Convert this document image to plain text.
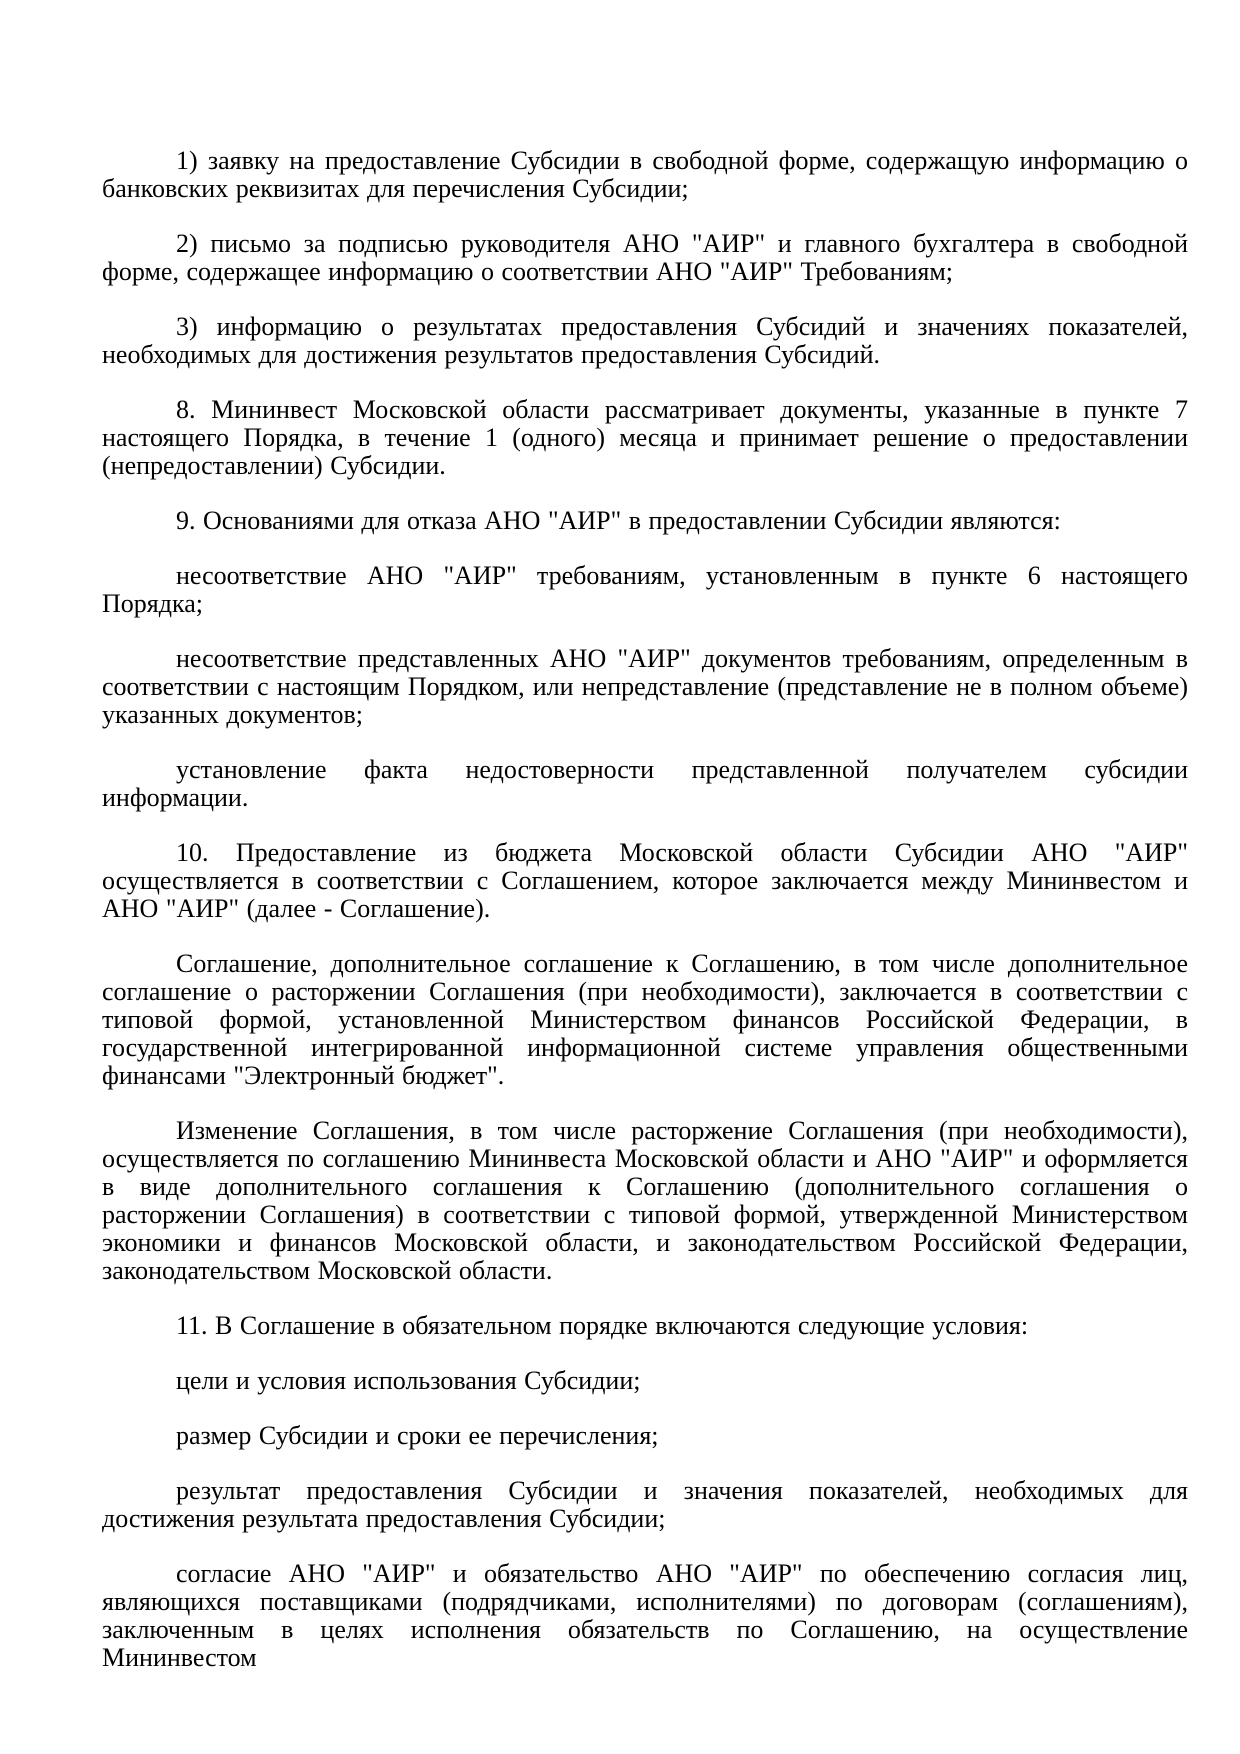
1) заявку на предоставление Субсидии в свободной форме, содержащую информацию о банковских реквизитах для перечисления Субсидии;

2) письмо за подписью руководителя АНО "АИР" и главного бухгалтера в свободной форме, содержащее информацию о соответствии АНО "АИР" Требованиям;

3) информацию о результатах предоставления Субсидий и значениях показателей, необходимых для достижения результатов предоставления Субсидий.

8. Мининвест Московской области рассматривает документы, указанные в пункте 7 настоящего Порядка, в течение 1 (одного) месяца и принимает решение о предоставлении (непредоставлении) Субсидии.

9. Основаниями для отказа АНО "АИР" в предоставлении Субсидии являются:

несоответствие АНО "АИР" требованиям, установленным в пункте 6 настоящего Порядка;

несоответствие представленных АНО "АИР" документов требованиям, определенным в соответствии с настоящим Порядком, или непредставление (представление не в полном объеме) указанных документов;

установление факта недостоверности представленной получателем субсидии информации.

10. Предоставление из бюджета Московской области Субсидии АНО "АИР" осуществляется в соответствии с Соглашением, которое заключается между Мининвестом и АНО "АИР" (далее - Соглашение).

Соглашение, дополнительное соглашение к Соглашению, в том числе дополнительное соглашение о расторжении Соглашения (при необходимости), заключается в соответствии с типовой формой, установленной Министерством финансов Российской Федерации, в государственной интегрированной информационной системе управления общественными финансами "Электронный бюджет".

Изменение Соглашения, в том числе расторжение Соглашения (при необходимости), осуществляется по соглашению Мининвеста Московской области и АНО "АИР" и оформляется в виде дополнительного соглашения к Соглашению (дополнительного соглашения о расторжении Соглашения) в соответствии с типовой формой, утвержденной Министерством экономики и финансов Московской области, и законодательством Российской Федерации, законодательством Московской области.

11. В Соглашение в обязательном порядке включаются следующие условия:

цели и условия использования Субсидии;

размер Субсидии и сроки ее перечисления;

результат предоставления Субсидии и значения показателей, необходимых для достижения результата предоставления Субсидии;

согласие АНО "АИР" и обязательство АНО "АИР" по обеспечению согласия лиц, являющихся поставщиками (подрядчиками, исполнителями) по договорам (соглашениям), заключенным в целях исполнения обязательств по Соглашению, на осуществление Мининвестом
